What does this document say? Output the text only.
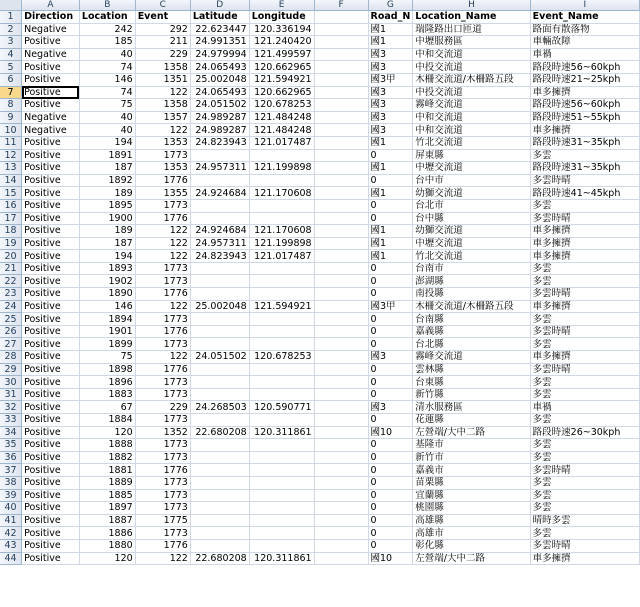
	A	B	C	D	E	F	G	H	I
1	Direction	Location	Event	Latitude	Longitude		Road_N	Location_Name	Event_Name
2	Negative	242	292	22.623447	120.336194		國1	瑞隆路出口匝道	路面有散落物
3	Positive	185	211	24.991351	121.240420		國1	中壢服務區	車輛故障
4	Negative	40	229	24.979994	121.499597		國3	中和交流道	車禍
5	Positive	74	1358	24.065493	120.662965		國3	中投交流道	路段時速56~60kph
6	Positive	146	1351	25.002048	121.594921		國3甲	木柵交流道/木柵路五段	路段時速21~25kph
7	Positive	74	122	24.065493	120.662965		國3	中投交流道	車多擁擠
8	Positive	75	1358	24.051502	120.678253		國3	霧峰交流道	路段時速56~60kph
9	Negative	40	1357	24.989287	121.484248		國3	中和交流道	路段時速51~55kph
10	Negative	40	122	24.989287	121.484248		國3	中和交流道	車多擁擠
11	Positive	194	1353	24.823943	121.017487		國1	竹北交流道	路段時速31~35kph
12	Positive	1891	1773				0	屏東縣	多雲
13	Positive	187	1353	24.957311	121.199898		國1	中壢交流道	路段時速31~35kph
14	Positive	1892	1776				0	台中市	多雲時晴
15	Positive	189	1355	24.924684	121.170608		國1	幼獅交流道	路段時速41~45kph
16	Positive	1895	1773				0	台北市	多雲
17	Positive	1900	1776				0	台中縣	多雲時晴
18	Positive	189	122	24.924684	121.170608		國1	幼獅交流道	車多擁擠
19	Positive	187	122	24.957311	121.199898		國1	中壢交流道	車多擁擠
20	Positive	194	122	24.823943	121.017487		國1	竹北交流道	車多擁擠
21	Positive	1893	1773				0	台南市	多雲
22	Positive	1902	1773				0	澎湖縣	多雲
23	Positive	1890	1776				0	南投縣	多雲時晴
24	Positive	146	122	25.002048	121.594921		國3甲	木柵交流道/木柵路五段	車多擁擠
25	Positive	1894	1773				0	台南縣	多雲
26	Positive	1901	1776				0	嘉義縣	多雲時晴
27	Positive	1899	1773				0	台北縣	多雲
28	Positive	75	122	24.051502	120.678253		國3	霧峰交流道	車多擁擠
29	Positive	1898	1776				0	雲林縣	多雲時晴
30	Positive	1896	1773				0	台東縣	多雲
31	Positive	1883	1773				0	新竹縣	多雲
32	Positive	67	229	24.268503	120.590771		國3	清水服務區	車禍
33	Positive	1884	1773				0	花蓮縣	多雲
34	Positive	120	1352	22.680208	120.311861		國10	左營端/大中二路	路段時速26~30kph
35	Positive	1888	1773				0	基隆市	多雲
36	Positive	1882	1773				0	新竹市	多雲
37	Positive	1881	1776				0	嘉義市	多雲時晴
38	Positive	1889	1773				0	苗栗縣	多雲
39	Positive	1885	1773				0	宜蘭縣	多雲
40	Positive	1897	1773				0	桃園縣	多雲
41	Positive	1887	1775				0	高雄縣	晴時多雲
42	Positive	1886	1773				0	高雄市	多雲
43	Positive	1880	1776				0	彰化縣	多雲時晴
44	Positive	120	122	22.680208	120.311861		國10	左營端/大中二路	車多擁擠
